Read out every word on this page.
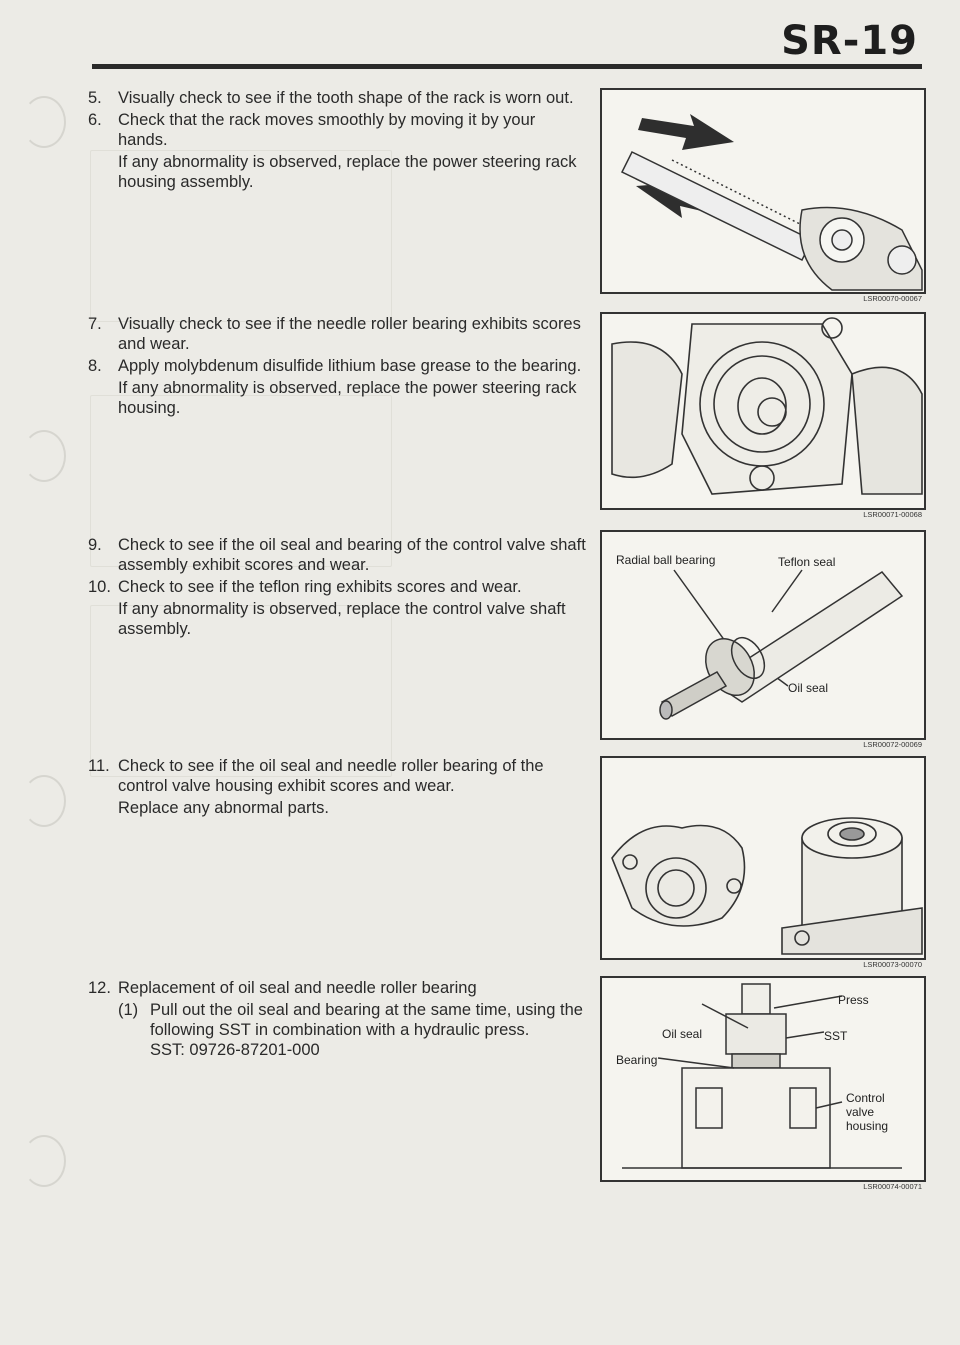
SR-19
5. Visually check to see if the tooth shape of the rack is worn out.
6. Check that the rack moves smoothly by moving it by your hands.
If any abnormality is observed, replace the power steering rack housing assembly.
7. Visually check to see if the needle roller bearing exhibits scores and wear.
8. Apply molybdenum disulfide lithium base grease to the bearing.
If any abnormality is observed, replace the power steering rack housing.
9. Check to see if the oil seal and bearing of the control valve shaft assembly exhibit scores and wear.
10. Check to see if the teflon ring exhibits scores and wear.
If any abnormality is observed, replace the control valve shaft assembly.
11. Check to see if the oil seal and needle roller bearing of the control valve housing exhibit scores and wear.
Replace any abnormal parts.
12. Replacement of oil seal and needle roller bearing
(1) Pull out the oil seal and bearing at the same time, using the following SST in combination with a hydraulic press.
SST: 09726-87201-000
LSR00070-00067
LSR00071-00068
Radial ball bearing	Teflon seal
Oil seal
LSR00072-00069
LSR00073-00070
Press
Oil seal	SST
Bearing
Control
valve
housing
LSR00074-00071
